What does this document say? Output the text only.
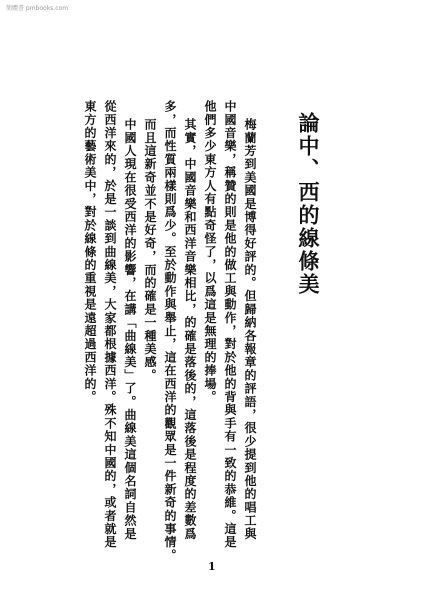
簡體書 pmbooks.com
論中、西的線條美
梅蘭芳到美國是博得好評的。但歸納各報章的評語，很少提到他的唱工與
中國音樂，稱贊的則是他的做工與動作，對於他的背與手有一致的恭維。這是
他們多少東方人有點奇怪了，以爲這是無理的捧場。
其實，中國音樂和西洋音樂相比，的確是落後的，這落後是程度的差數爲
多，而性質兩樣則爲少。至於動作與舉止，這在西洋的觀眾是一件新奇的事情。
而且這新奇並不是好奇，而的確是一種美感。
中國人現在很受西洋的影響，在講「曲線美」了。曲線美這個名詞自然是
從西洋來的，於是一談到曲線美，大家都根據西洋。殊不知中國的，或者就是
東方的藝術美中，對於線條的重視是遠超過西洋的。
1
